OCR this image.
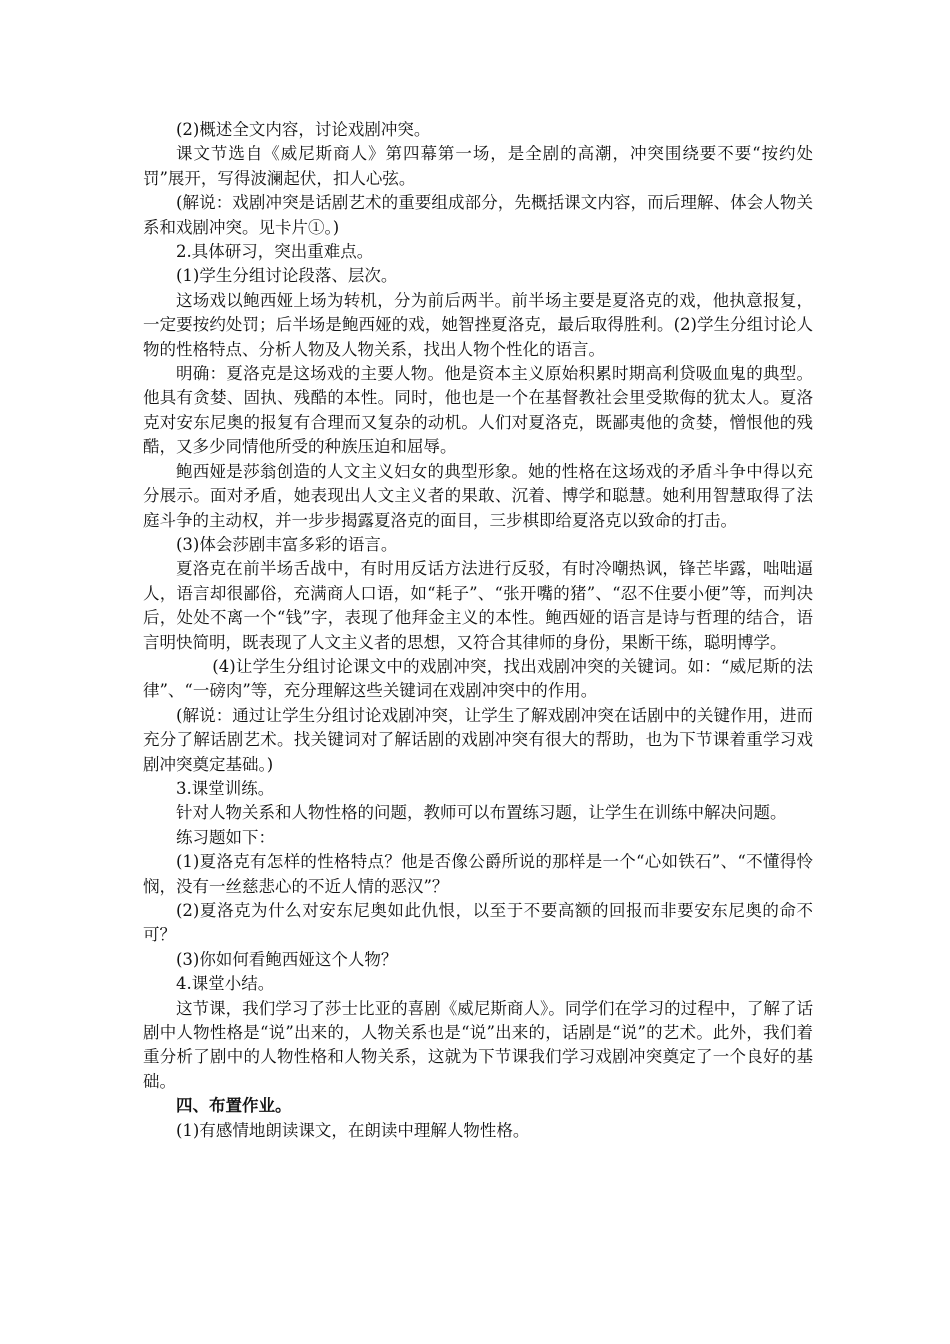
(2)概述全文内容，讨论戏剧冲突。

课文节选自《威尼斯商人》第四幕第一场，是全剧的高潮，冲突围绕要不要“按约处罚”展开，写得波澜起伏，扣人心弦。

(解说：戏剧冲突是话剧艺术的重要组成部分，先概括课文内容，而后理解、体会人物关系和戏剧冲突。见卡片①。)

2.具体研习，突出重难点。

(1)学生分组讨论段落、层次。

这场戏以鲍西娅上场为转机，分为前后两半。前半场主要是夏洛克的戏，他执意报复，一定要按约处罚；后半场是鲍西娅的戏，她智挫夏洛克，最后取得胜利。(2)学生分组讨论人物的性格特点、分析人物及人物关系，找出人物个性化的语言。

明确：夏洛克是这场戏的主要人物。他是资本主义原始积累时期高利贷吸血鬼的典型。他具有贪婪、固执、残酷的本性。同时，他也是一个在基督教社会里受欺侮的犹太人。夏洛克对安东尼奥的报复有合理而又复杂的动机。人们对夏洛克，既鄙夷他的贪婪，憎恨他的残酷，又多少同情他所受的种族压迫和屈辱。

鲍西娅是莎翁创造的人文主义妇女的典型形象。她的性格在这场戏的矛盾斗争中得以充分展示。面对矛盾，她表现出人文主义者的果敢、沉着、博学和聪慧。她利用智慧取得了法庭斗争的主动权，并一步步揭露夏洛克的面目，三步棋即给夏洛克以致命的打击。

(3)体会莎剧丰富多彩的语言。

夏洛克在前半场舌战中，有时用反话方法进行反驳，有时冷嘲热讽，锋芒毕露，咄咄逼人，语言却很鄙俗，充满商人口语，如“耗子”、“张开嘴的猪”、“忍不住要小便”等，而判决后，处处不离一个“钱”字，表现了他拜金主义的本性。鲍西娅的语言是诗与哲理的结合，语言明快简明，既表现了人文主义者的思想，又符合其律师的身份，果断干练，聪明博学。

(4)让学生分组讨论课文中的戏剧冲突，找出戏剧冲突的关键词。如：“威尼斯的法律”、“一磅肉”等，充分理解这些关键词在戏剧冲突中的作用。

(解说：通过让学生分组讨论戏剧冲突，让学生了解戏剧冲突在话剧中的关键作用，进而充分了解话剧艺术。找关键词对了解话剧的戏剧冲突有很大的帮助，也为下节课着重学习戏剧冲突奠定基础。)

3.课堂训练。

针对人物关系和人物性格的问题，教师可以布置练习题，让学生在训练中解决问题。

练习题如下：

(1)夏洛克有怎样的性格特点？他是否像公爵所说的那样是一个“心如铁石”、“不懂得怜悯，没有一丝慈悲心的不近人情的恶汉”？

(2)夏洛克为什么对安东尼奥如此仇恨，以至于不要高额的回报而非要安东尼奥的命不可？

(3)你如何看鲍西娅这个人物？

4.课堂小结。

这节课，我们学习了莎士比亚的喜剧《威尼斯商人》。同学们在学习的过程中，了解了话剧中人物性格是“说”出来的，人物关系也是“说”出来的，话剧是“说”的艺术。此外，我们着重分析了剧中的人物性格和人物关系，这就为下节课我们学习戏剧冲突奠定了一个良好的基础。

四、布置作业。

(1)有感情地朗读课文，在朗读中理解人物性格。
